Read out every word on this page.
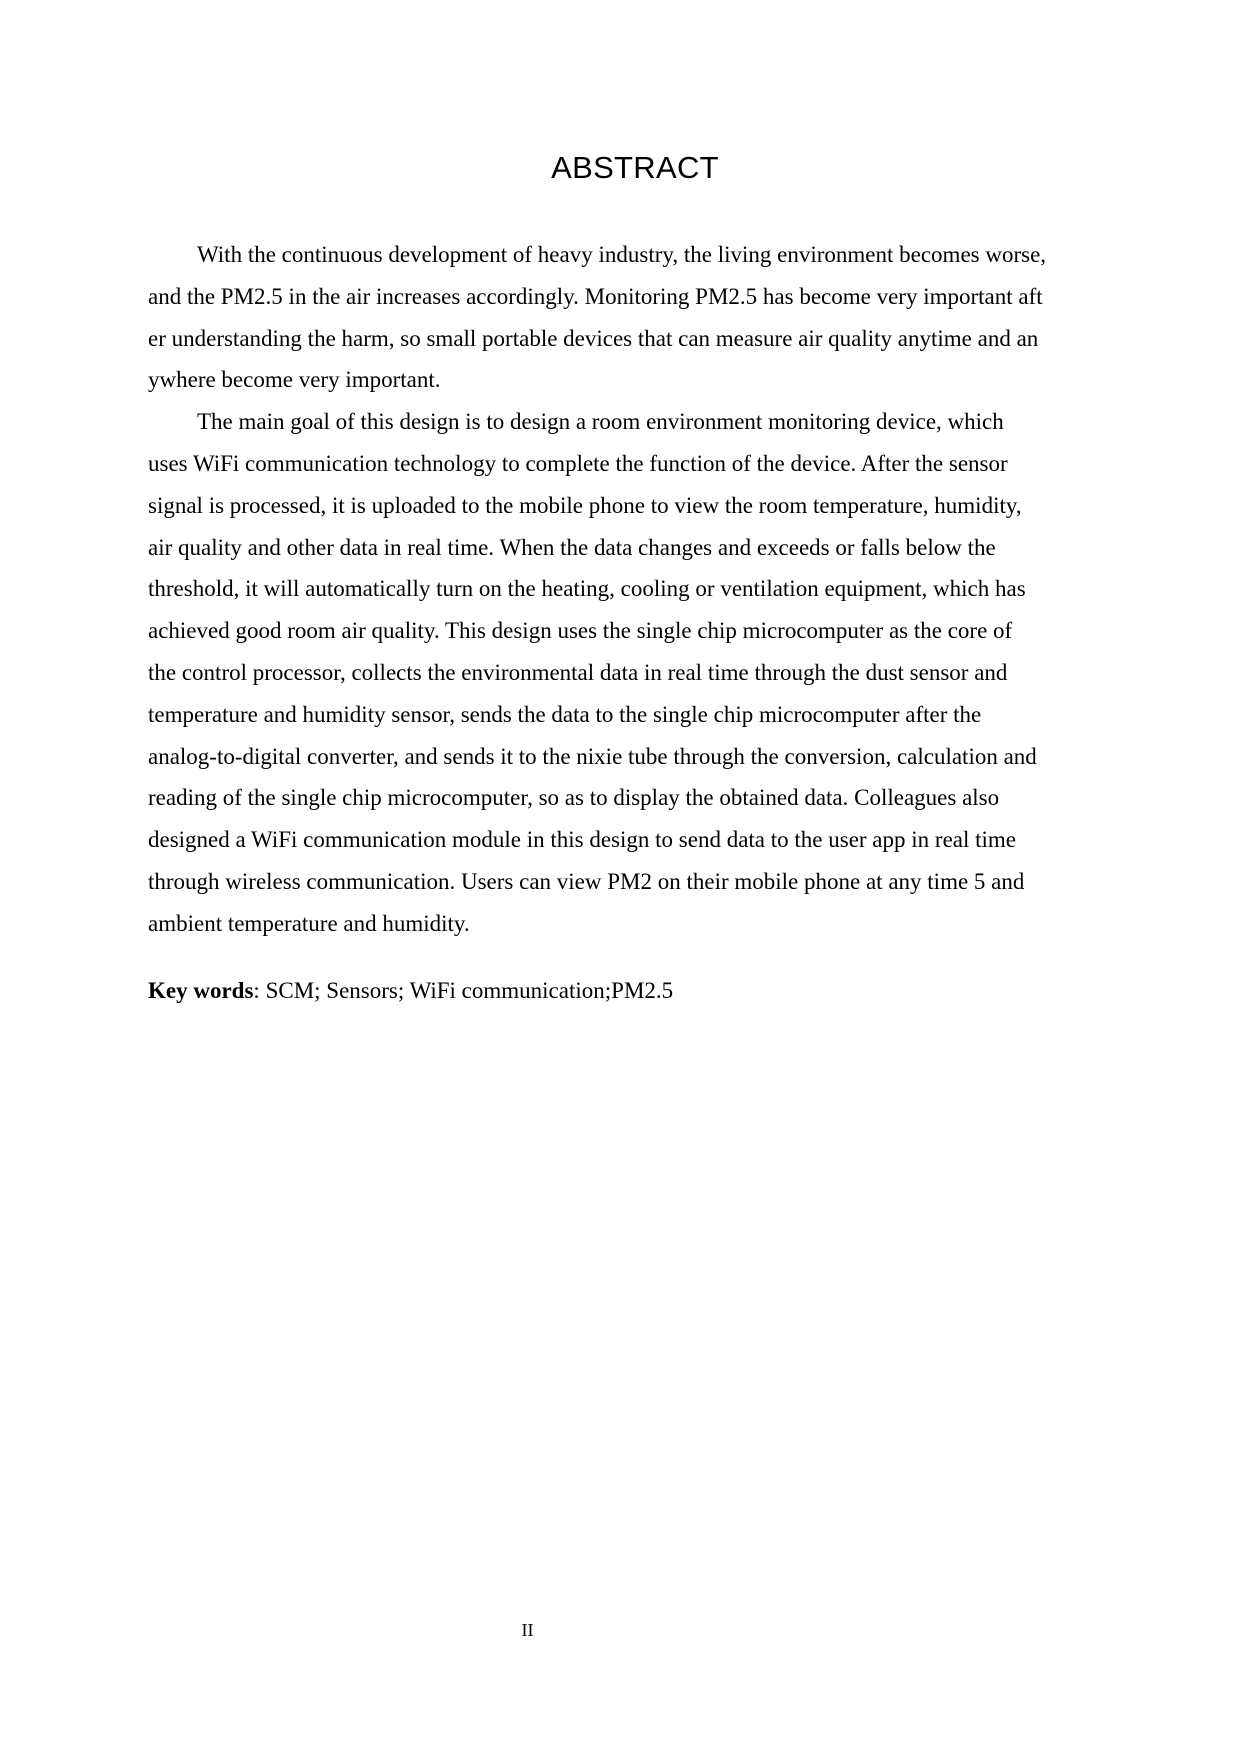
ABSTRACT

With the continuous development of heavy industry, the living environment becomes worse,
and the PM2.5 in the air increases accordingly. Monitoring PM2.5 has become very important aft
er understanding the harm, so small portable devices that can measure air quality anytime and an
ywhere become very important.

The main goal of this design is to design a room environment monitoring device, which
uses WiFi communication technology to complete the function of the device. After the sensor
signal is processed, it is uploaded to the mobile phone to view the room temperature, humidity,
air quality and other data in real time. When the data changes and exceeds or falls below the
threshold, it will automatically turn on the heating, cooling or ventilation equipment, which has
achieved good room air quality. This design uses the single chip microcomputer as the core of
the control processor, collects the environmental data in real time through the dust sensor and
temperature and humidity sensor, sends the data to the single chip microcomputer after the
analog-to-digital converter, and sends it to the nixie tube through the conversion, calculation and
reading of the single chip microcomputer, so as to display the obtained data. Colleagues also
designed a WiFi communication module in this design to send data to the user app in real time
through wireless communication. Users can view PM2 on their mobile phone at any time 5 and
ambient temperature and humidity.

Key words: SCM; Sensors; WiFi communication;PM2.5
II
